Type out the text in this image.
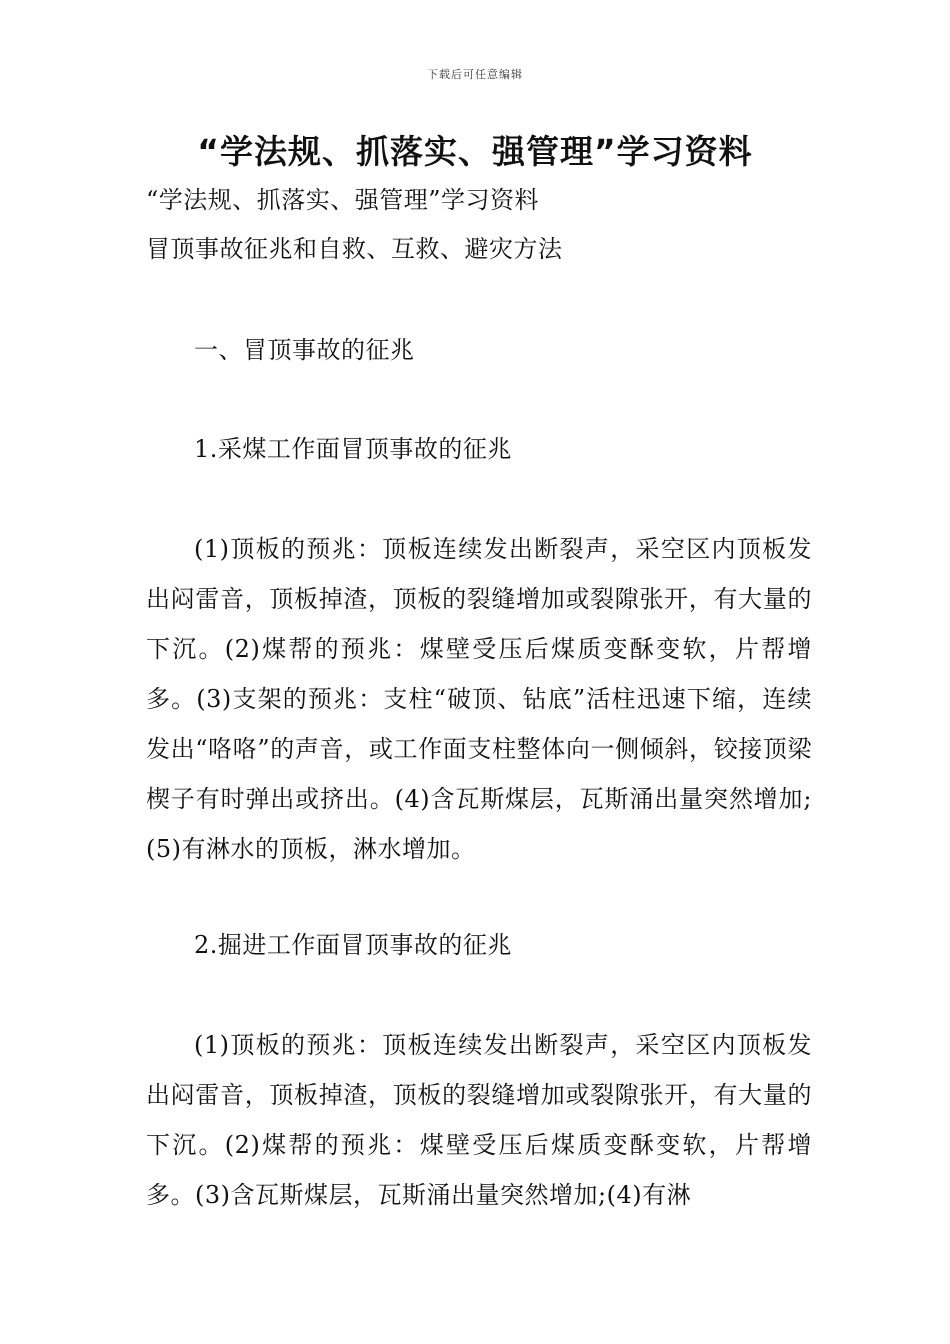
下载后可任意编辑
“学法规、抓落实、强管理”学习资料
“学法规、抓落实、强管理”学习资料
冒顶事故征兆和自救、互救、避灾方法
一、冒顶事故的征兆
1.采煤工作面冒顶事故的征兆
(1)顶板的预兆：顶板连续发出断裂声，采空区内顶板发出闷雷音，顶板掉渣，顶板的裂缝增加或裂隙张开，有大量的下沉。(2)煤帮的预兆：煤壁受压后煤质变酥变软，片帮增多。(3)支架的预兆：支柱“破顶、钻底”活柱迅速下缩，连续发出“咯咯”的声音，或工作面支柱整体向一侧倾斜，铰接顶梁楔子有时弹出或挤出。(4)含瓦斯煤层，瓦斯涌出量突然增加;(5)有淋水的顶板，淋水增加。
2.掘进工作面冒顶事故的征兆
(1)顶板的预兆：顶板连续发出断裂声，采空区内顶板发出闷雷音，顶板掉渣，顶板的裂缝增加或裂隙张开，有大量的下沉。(2)煤帮的预兆：煤壁受压后煤质变酥变软，片帮增多。(3)含瓦斯煤层，瓦斯涌出量突然增加;(4)有淋
